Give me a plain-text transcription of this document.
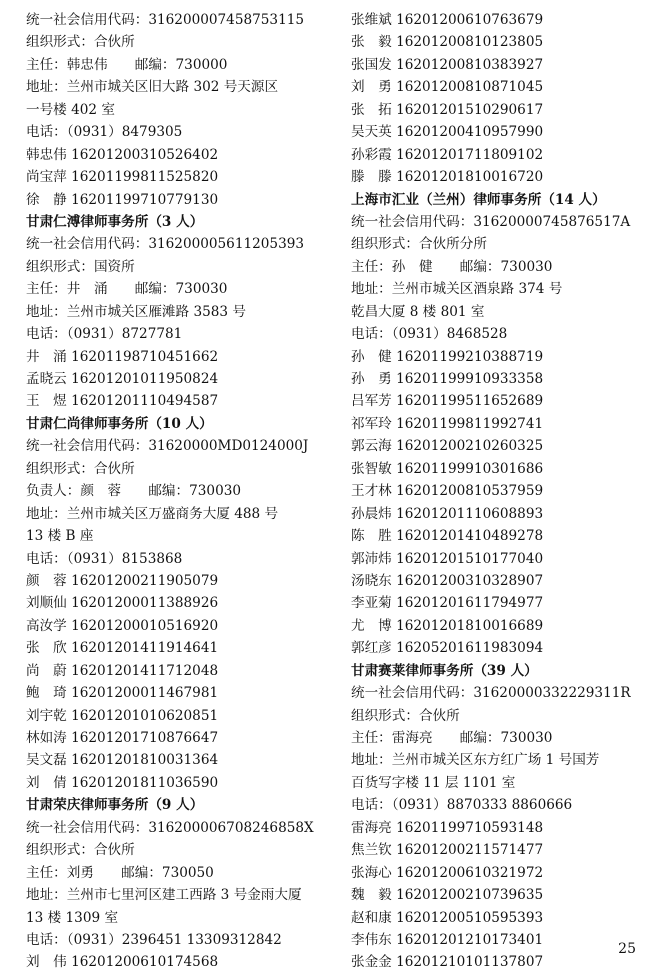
统一社会信用代码：316200007458753115
组织形式：合伙所
主任：韩忠伟　　邮编：730000
地址：兰州市城关区旧大路 302 号天源区
一号楼 402 室
电话：（0931）8479305
韩忠伟 16201200310526402
尚宝萍 16201199811525820
徐　静 16201199710779130
甘肃仁溥律师事务所（3 人）
统一社会信用代码：316200005611205393
组织形式：国资所
主任：井　涌　　邮编：730030
地址：兰州市城关区雁滩路 3583 号
电话：（0931）8727781
井　涌 16201198710451662
孟晓云 16201201011950824
王　煜 16201201110494587
甘肃仁尚律师事务所（10 人）
统一社会信用代码：31620000MD0124000J
组织形式：合伙所
负责人：颜　蓉　　邮编：730030
地址：兰州市城关区万盛商务大厦 488 号
13 楼 B 座
电话：（0931）8153868
颜　蓉 16201200211905079
刘顺仙 16201200011388926
高汝学 16201200010516920
张　欣 16201201411914641
尚　蔚 16201201411712048
鲍　琦 16201200011467981
刘宇乾 16201201010620851
林如涛 16201201710876647
吴文磊 16201201810031364
刘　倩 16201201811036590
甘肃荣庆律师事务所（9 人）
统一社会信用代码：316200006708246858X
组织形式：合伙所
主任：刘勇　　邮编：730050
地址：兰州市七里河区建工西路 3 号金雨大厦
13 楼 1309 室
电话：（0931）2396451 13309312842
刘　伟 16201200610174568
张维斌 16201200610763679
张　毅 16201200810123805
张国发 16201200810383927
刘　勇 16201200810871045
张　拓 16201201510290617
吴天英 16201200410957990
孙彩霞 16201201711809102
滕　滕 16201201810016720
上海市汇业（兰州）律师事务所（14 人）
统一社会信用代码：31620000745876517A
组织形式：合伙所分所
主任：孙　健　　邮编：730030
地址：兰州市城关区酒泉路 374 号
乾昌大厦 8 楼 801 室
电话：（0931）8468528
孙　健 16201199210388719
孙　勇 16201199910933358
吕军芳 16201199511652689
祁军玲 16201199811992741
郭云海 16201200210260325
张智敏 16201199910301686
王才林 16201200810537959
孙晨炜 16201201110608893
陈　胜 16201201410489278
郭沛炜 16201201510177040
汤晓东 16201200310328907
李亚菊 16201201611794977
尤　博 16201201810016689
郭红彦 16205201611983094
甘肃赛莱律师事务所（39 人）
统一社会信用代码：31620000332229311R
组织形式：合伙所
主任：雷海亮　　邮编：730030
地址：兰州市城关区东方红广场 1 号国芳
百货写字楼 11 层 1101 室
电话：（0931）8870333 8860666
雷海亮 16201199710593148
焦兰钦 16201200211571477
张海心 16201200610321972
魏　毅 16201200210739635
赵和康 16201200510595393
李伟东 16201201210173401
张金金 16201210101137807
25
